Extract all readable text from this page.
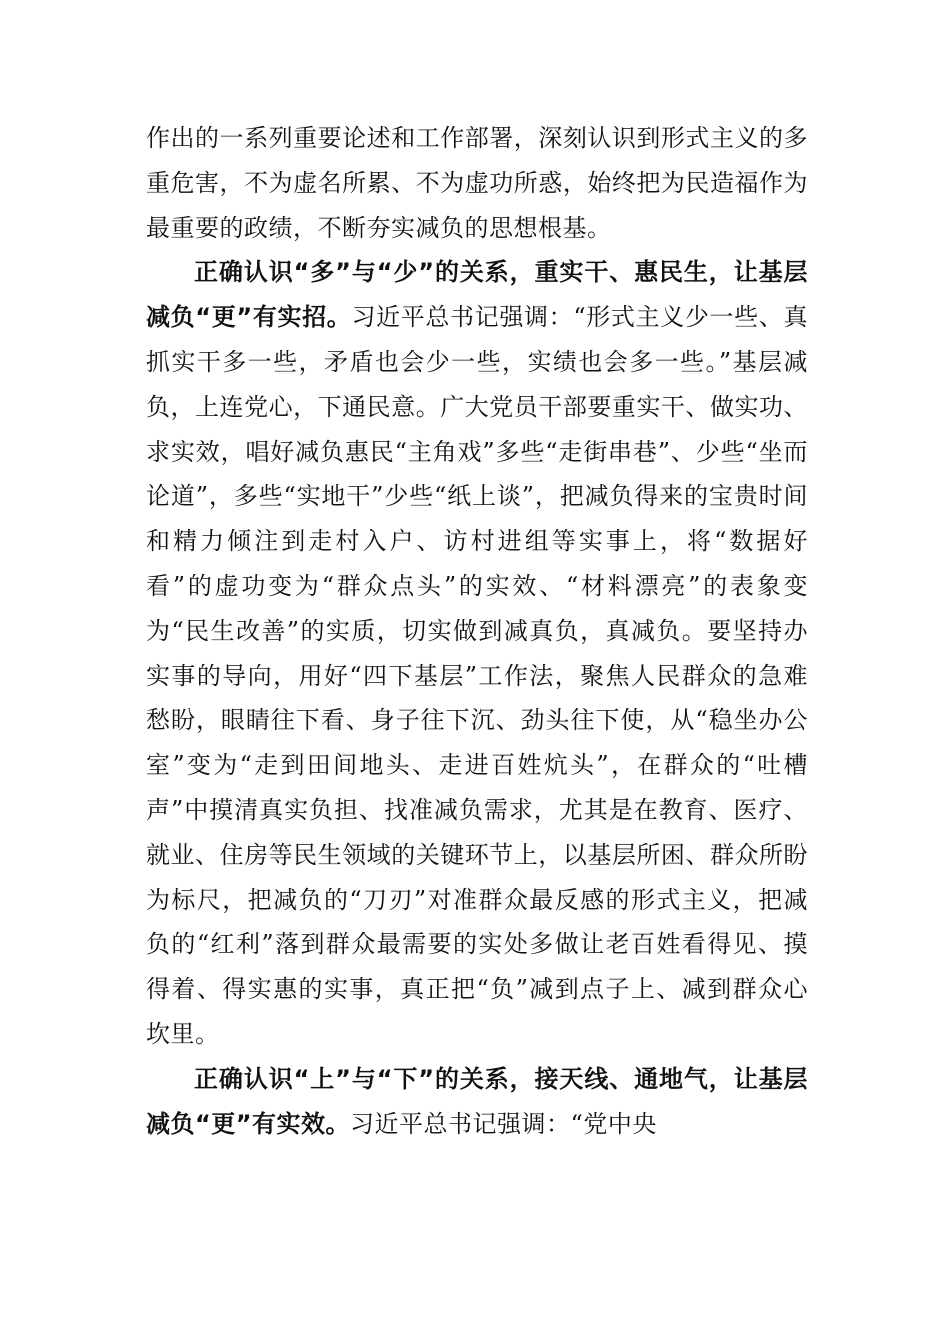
作出的一系列重要论述和工作部署，深刻认识到形式主义的多重危害，不为虚名所累、不为虚功所惑，始终把为民造福作为最重要的政绩，不断夯实减负的思想根基。

正确认识“多”与“少”的关系，重实干、惠民生，让基层减负“更”有实招。习近平总书记强调：“形式主义少一些、真抓实干多一些，矛盾也会少一些，实绩也会多一些。”基层减负，上连党心，下通民意。广大党员干部要重实干、做实功、求实效，唱好减负惠民“主角戏”多些“走街串巷”、少些“坐而论道”，多些“实地干”少些“纸上谈”，把减负得来的宝贵时间和精力倾注到走村入户、访村进组等实事上，将“数据好看”的虚功变为“群众点头”的实效、“材料漂亮”的表象变为“民生改善”的实质，切实做到减真负，真减负。要坚持办实事的导向，用好“四下基层”工作法，聚焦人民群众的急难愁盼，眼睛往下看、身子往下沉、劲头往下使，从“稳坐办公室”变为“走到田间地头、走进百姓炕头”，在群众的“吐槽声”中摸清真实负担、找准减负需求，尤其是在教育、医疗、就业、住房等民生领域的关键环节上，以基层所困、群众所盼为标尺，把减负的“刀刃”对准群众最反感的形式主义，把减负的“红利”落到群众最需要的实处多做让老百姓看得见、摸得着、得实惠的实事，真正把“负”减到点子上、减到群众心坎里。

正确认识“上”与“下”的关系，接天线、通地气，让基层减负“更”有实效。习近平总书记强调：“党中央
